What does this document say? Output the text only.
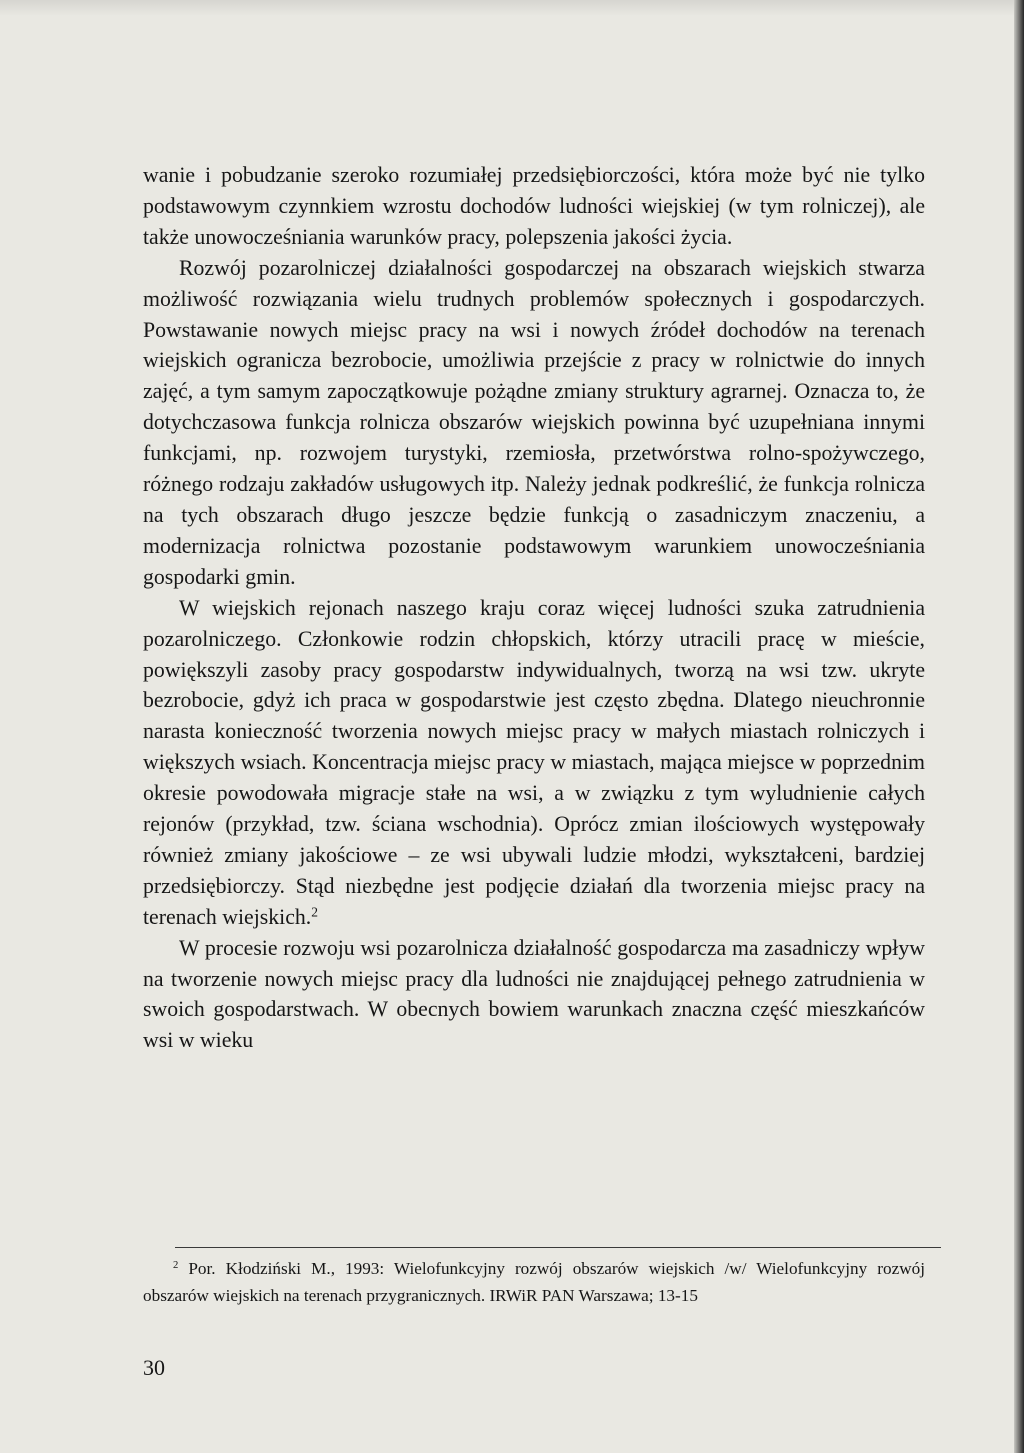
wanie i pobudzanie szeroko rozumiałej przedsiębiorczości, która może być nie tylko podstawowym czynnkiem wzrostu dochodów ludności wiejskiej (w tym rolniczej), ale także unowocześniania warunków pracy, polepszenia jakości życia.

Rozwój pozarolniczej działalności gospodarczej na obszarach wiejskich stwarza możliwość rozwiązania wielu trudnych problemów społecznych i gospodarczych. Powstawanie nowych miejsc pracy na wsi i nowych źródeł dochodów na terenach wiejskich ogranicza bezrobocie, umożliwia przejście z pracy w rolnictwie do innych zajęć, a tym samym zapoczątkowuje pożądne zmiany struktury agrarnej. Oznacza to, że dotychczasowa funkcja rolnicza obszarów wiejskich powinna być uzupełniana innymi funkcjami, np. rozwojem turystyki, rzemiosła, przetwórstwa rolno-spożywczego, różnego rodzaju zakładów usługowych itp. Należy jednak podkreślić, że funkcja rolnicza na tych obszarach długo jeszcze będzie funkcją o zasadniczym znaczeniu, a modernizacja rolnictwa pozostanie podstawowym warunkiem unowocześniania gospodarki gmin.

W wiejskich rejonach naszego kraju coraz więcej ludności szuka zatrudnienia pozarolniczego. Członkowie rodzin chłopskich, którzy utracili pracę w mieście, powiększyli zasoby pracy gospodarstw indywidualnych, tworzą na wsi tzw. ukryte bezrobocie, gdyż ich praca w gospodarstwie jest często zbędna. Dlatego nieuchronnie narasta konieczność tworzenia nowych miejsc pracy w małych miastach rolniczych i większych wsiach. Koncentracja miejsc pracy w miastach, mająca miejsce w poprzednim okresie powodowała migracje stałe na wsi, a w związku z tym wyludnienie całych rejonów (przykład, tzw. ściana wschodnia). Oprócz zmian ilościowych występowały również zmiany jakościowe – ze wsi ubywali ludzie młodzi, wykształceni, bardziej przedsiębiorczy. Stąd niezbędne jest podjęcie działań dla tworzenia miejsc pracy na terenach wiejskich.$^2$

W procesie rozwoju wsi pozarolnicza działalność gospodarcza ma zasadniczy wpływ na tworzenie nowych miejsc pracy dla ludności nie znajdującej pełnego zatrudnienia w swoich gospodarstwach. W obecnych bowiem warunkach znaczna część mieszkańców wsi w wieku

$^2$ Por. Kłodziński M., 1993: Wielofunkcyjny rozwój obszarów wiejskich /w/ Wielofunkcyjny rozwój obszarów wiejskich na terenach przygranicznych. IRWiR PAN Warszawa; 13-15

30
